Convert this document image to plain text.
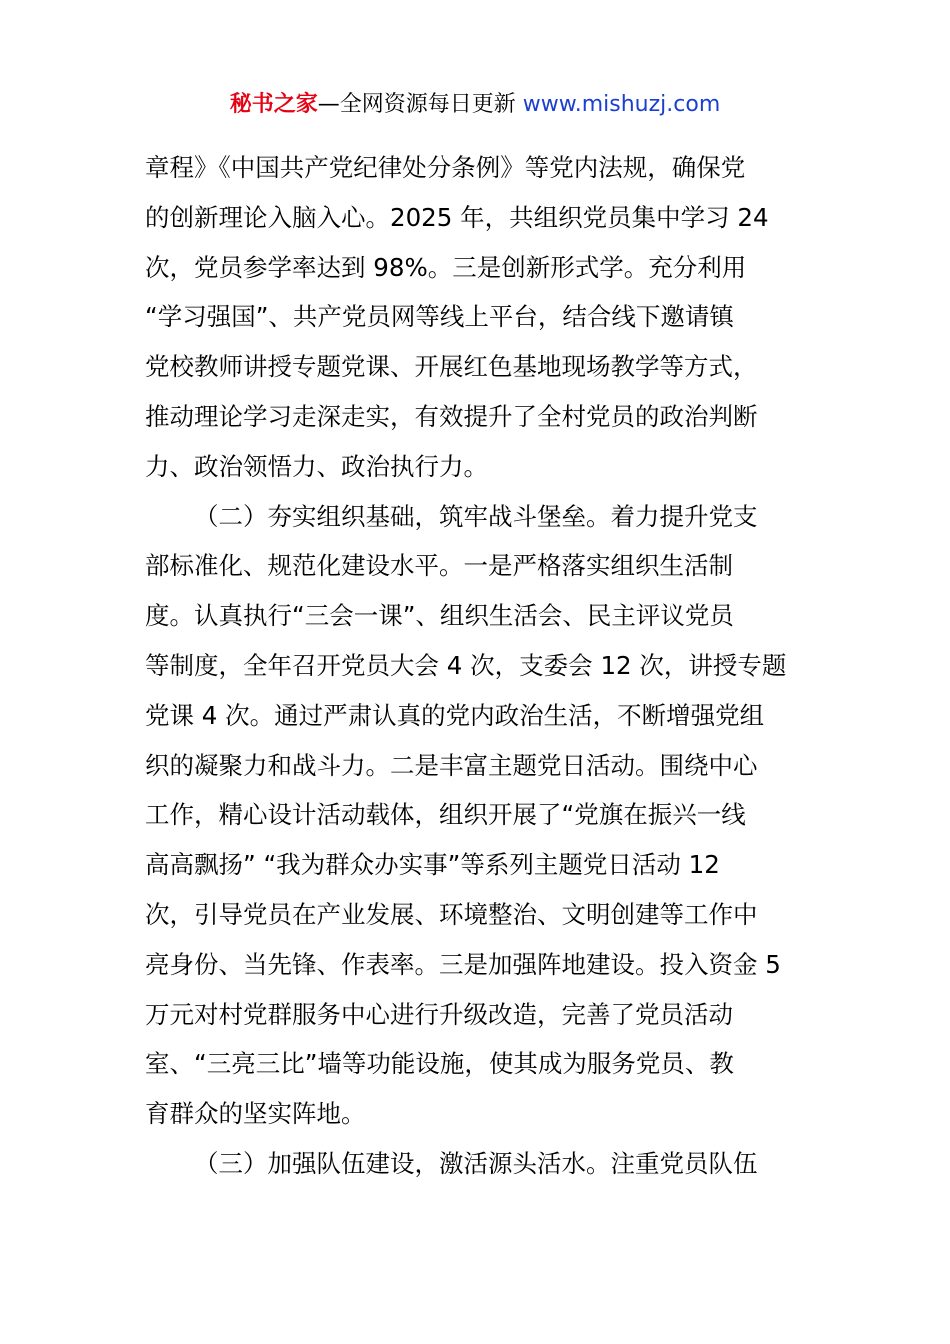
秘书之家—全网资源每日更新 www.mishuzj.com
章程》《中国共产党纪律处分条例》等党内法规，确保党
的创新理论入脑入心。2025 年，共组织党员集中学习 24
次，党员参学率达到 98%。三是创新形式学。充分利用
“学习强国”、共产党员网等线上平台，结合线下邀请镇
党校教师讲授专题党课、开展红色基地现场教学等方式，
推动理论学习走深走实，有效提升了全村党员的政治判断
力、政治领悟力、政治执行力。
（二）夯实组织基础，筑牢战斗堡垒。着力提升党支
部标准化、规范化建设水平。一是严格落实组织生活制
度。认真执行“三会一课”、组织生活会、民主评议党员
等制度，全年召开党员大会 4 次，支委会 12 次，讲授专题
党课 4 次。通过严肃认真的党内政治生活，不断增强党组
织的凝聚力和战斗力。二是丰富主题党日活动。围绕中心
工作，精心设计活动载体，组织开展了“党旗在振兴一线
高高飘扬” “我为群众办实事”等系列主题党日活动 12
次，引导党员在产业发展、环境整治、文明创建等工作中
亮身份、当先锋、作表率。三是加强阵地建设。投入资金 5
万元对村党群服务中心进行升级改造，完善了党员活动
室、“三亮三比”墙等功能设施，使其成为服务党员、教
育群众的坚实阵地。
（三）加强队伍建设，激活源头活水。注重党员队伍
